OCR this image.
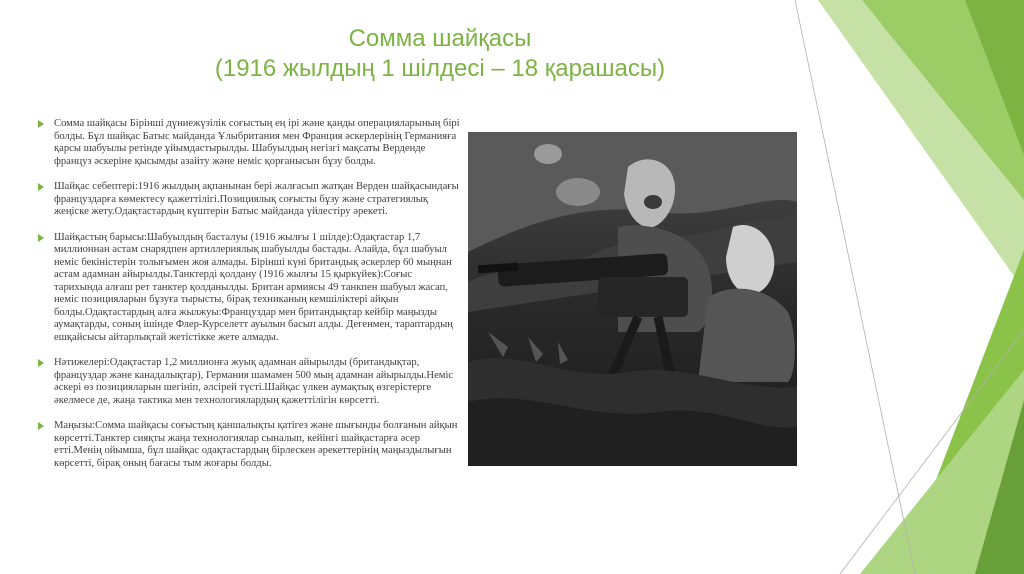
Сомма шайқасы
(1916 жылдың 1 шілдесі – 18 қарашасы)
Сомма шайқасы Бірінші дүниежүзілік соғыстың ең ірі және қанды операцияларының бірі болды. Бұл шайқас Батыс майданда Ұлыбритания мен Франция әскерлерінің Германияға қарсы шабуылы ретінде ұйымдастырылды. Шабуылдың негізгі мақсаты Верденде француз әскеріне қысымды азайту және неміс қорғанысын бұзу болды.
Шайқас себептері:1916 жылдың ақпанынан бері жалғасып жатқан Верден шайқасындағы француздарға көмектесу қажеттілігі.Позициялық соғысты бұзу және стратегиялық жеңіске жету.Одақтастардың күштерін Батыс майданда үйлестіру әрекеті.
Шайқастың барысы:Шабуылдың басталуы (1916 жылғы 1 шілде):Одақтастар 1,7 миллионнан астам снарядпен артиллериялық шабуылды бастады. Алайда, бұл шабуыл неміс бекіністерін толығымен жоя алмады. Бірінші күні британдық әскерлер 60 мыңнан астам адамнан айырылды.Танктерді қолдану (1916 жылғы 15 қыркүйек):Соғыс тарихында алғаш рет танктер қолданылды. Британ армиясы 49 танкпен шабуыл жасап, неміс позицияларын бұзуға тырысты, бірақ техниканың кемшіліктері айқын болды.Одақтастардың алға жылжуы:Француздар мен британдықтар кейбір маңызды аумақтарды, соның ішінде Флер-Курселетт ауылын басып алды. Дегенмен, тараптардың ешқайсысы айтарлықтай жетістікке жете алмады.
Нәтижелері:Одақтастар 1,2 миллионға жуық адамнан айырылды (британдықтар, француздар және канадалықтар), Германия шамамен 500 мың адамнан айырылды.Неміс әскері өз позицияларын шегініп, әлсірей түсті.Шайқас үлкен аумақтық өзгерістерге әкелмесе де, жаңа тактика мен технологиялардың қажеттілігін көрсетті.
Маңызы:Сомма шайқасы соғыстың қаншалықты қатігез және шығынды болғанын айқын көрсетті.Танктер сияқты жаңа технологиялар сыналып, кейінгі шайқастарға әсер етті.Менің ойымша, бұл шайқас одақтастардың бірлескен әрекеттерінің маңыздылығын көрсетті, бірақ оның бағасы тым жоғары болды.
